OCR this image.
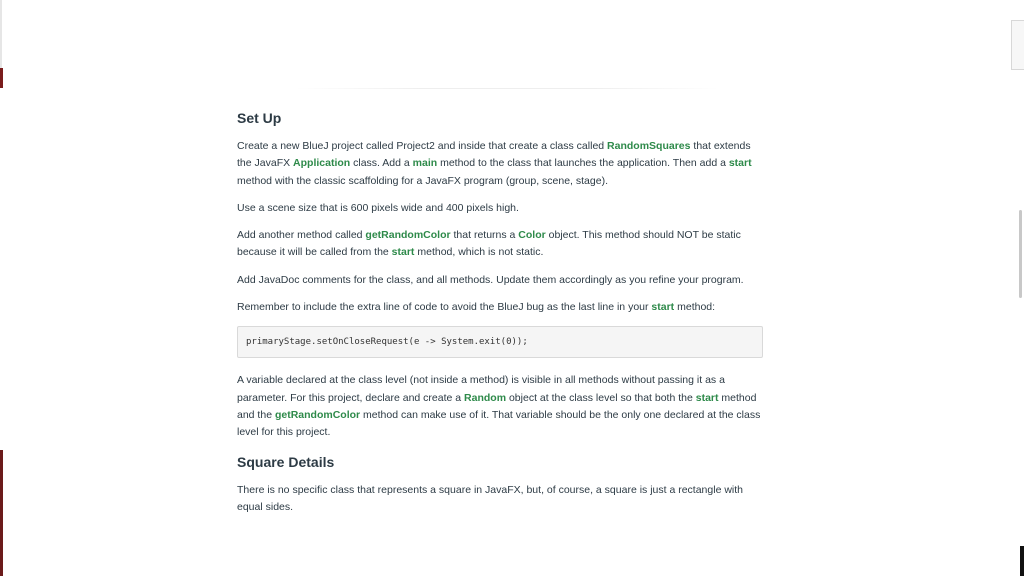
Set Up

Create a new BlueJ project called Project2 and inside that create a class called RandomSquares that extends the JavaFX Application class. Add a main method to the class that launches the application. Then add a start method with the classic scaffolding for a JavaFX program (group, scene, stage).

Use a scene size that is 600 pixels wide and 400 pixels high.

Add another method called getRandomColor that returns a Color object. This method should NOT be static because it will be called from the start method, which is not static.

Add JavaDoc comments for the class, and all methods. Update them accordingly as you refine your program.

Remember to include the extra line of code to avoid the BlueJ bug as the last line in your start method:

primaryStage.setOnCloseRequest(e -> System.exit(0));

A variable declared at the class level (not inside a method) is visible in all methods without passing it as a parameter. For this project, declare and create a Random object at the class level so that both the start method and the getRandomColor method can make use of it. That variable should be the only one declared at the class level for this project.

Square Details

There is no specific class that represents a square in JavaFX, but, of course, a square is just a rectangle with equal sides.
